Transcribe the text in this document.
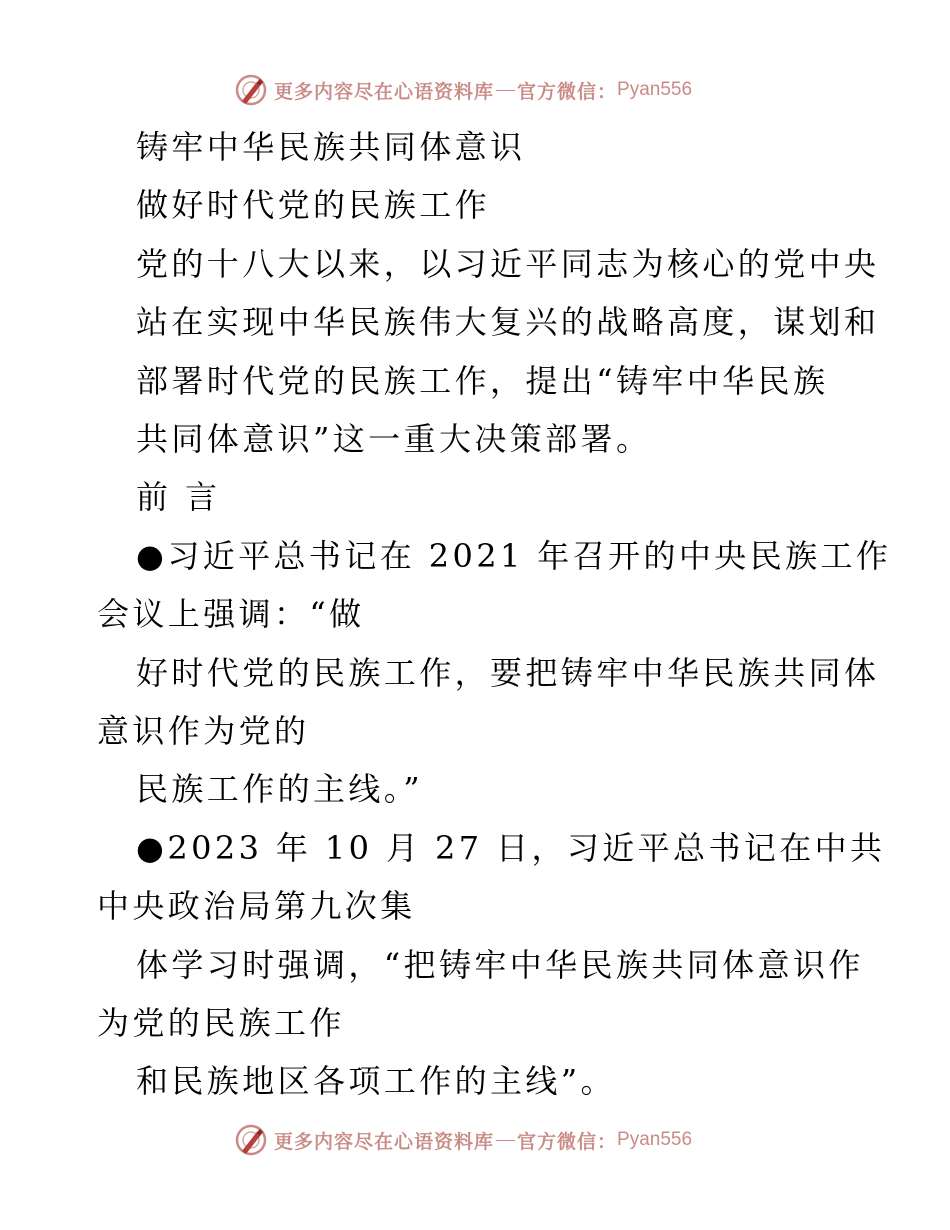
更多内容尽在心语资料库 — 官方微信： Pyan556
铸牢中华民族共同体意识
做好时代党的民族工作
党的十八大以来，以习近平同志为核心的党中央
站在实现中华民族伟大复兴的战略高度，谋划和
部署时代党的民族工作，提出“铸牢中华民族
共同体意识”这一重大决策部署。
前 言
●习近平总书记在 2021 年召开的中央民族工作
会议上强调：“做
好时代党的民族工作，要把铸牢中华民族共同体
意识作为党的
民族工作的主线。”
●2023 年 10 月 27 日，习近平总书记在中共
中央政治局第九次集
体学习时强调，“把铸牢中华民族共同体意识作
为党的民族工作
和民族地区各项工作的主线”。
更多内容尽在心语资料库 — 官方微信： Pyan556
